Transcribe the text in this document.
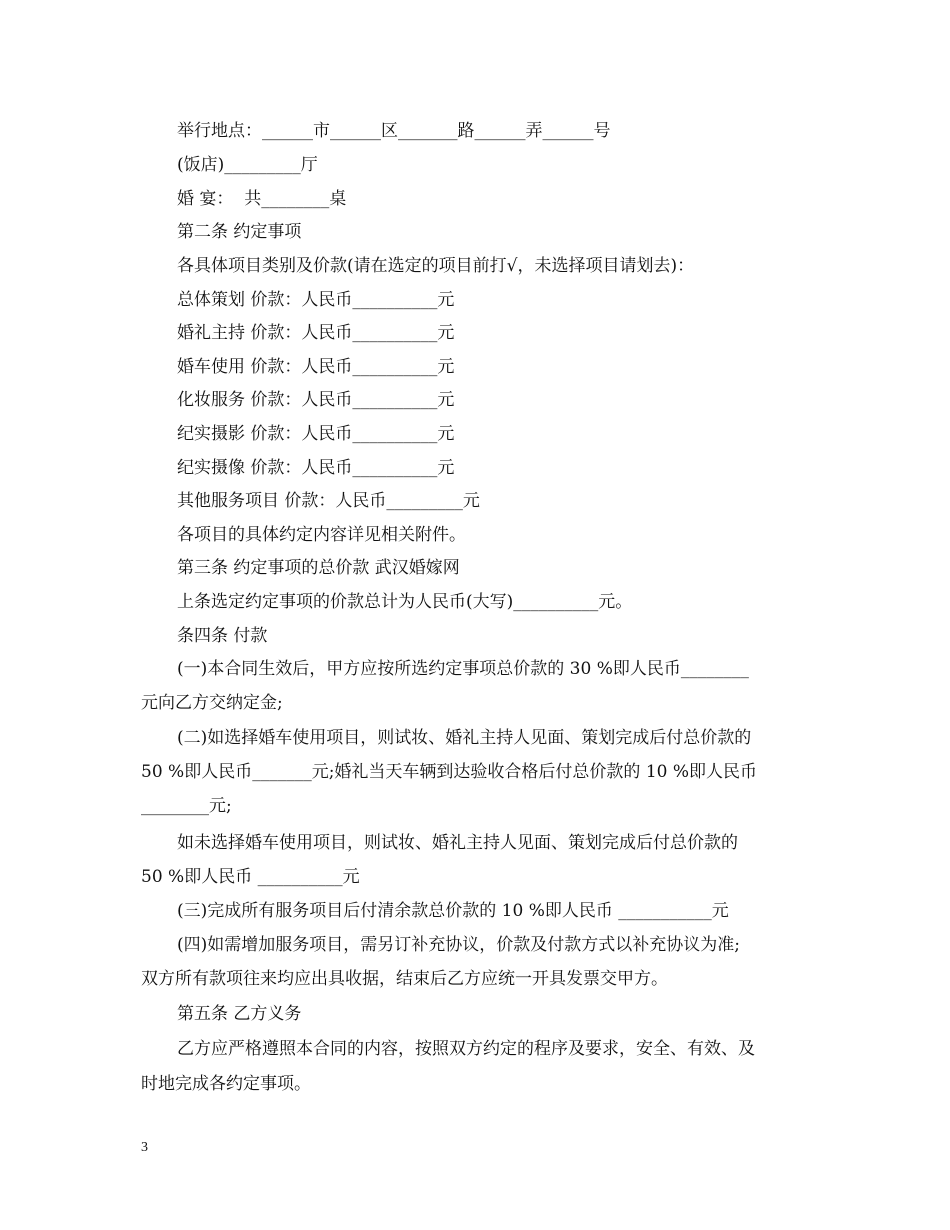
举行地点：______市______区_______路______弄______号
(饭店)_________厅
婚 宴：  共________桌
第二条 约定事项
各具体项目类别及价款(请在选定的项目前打√，未选择项目请划去)：
总体策划 价款：人民币__________元
婚礼主持 价款：人民币__________元
婚车使用 价款：人民币__________元
化妆服务 价款：人民币__________元
纪实摄影 价款：人民币__________元
纪实摄像 价款：人民币__________元
其他服务项目 价款：人民币_________元
各项目的具体约定内容详见相关附件。
第三条 约定事项的总价款 武汉婚嫁网
上条选定约定事项的价款总计为人民币(大写)__________元。
条四条 付款
(一)本合同生效后，甲方应按所选约定事项总价款的 30 %即人民币________
元向乙方交纳定金;
(二)如选择婚车使用项目，则试妆、婚礼主持人见面、策划完成后付总价款的
50 %即人民币_______元;婚礼当天车辆到达验收合格后付总价款的 10 %即人民币
________元;
如未选择婚车使用项目，则试妆、婚礼主持人见面、策划完成后付总价款的
50 %即人民币 __________元
(三)完成所有服务项目后付清余款总价款的 10 %即人民币 ___________元
(四)如需增加服务项目，需另订补充协议，价款及付款方式以补充协议为准;
双方所有款项往来均应出具收据，结束后乙方应统一开具发票交甲方。
第五条 乙方义务
乙方应严格遵照本合同的内容，按照双方约定的程序及要求，安全、有效、及
时地完成各约定事项。
3
